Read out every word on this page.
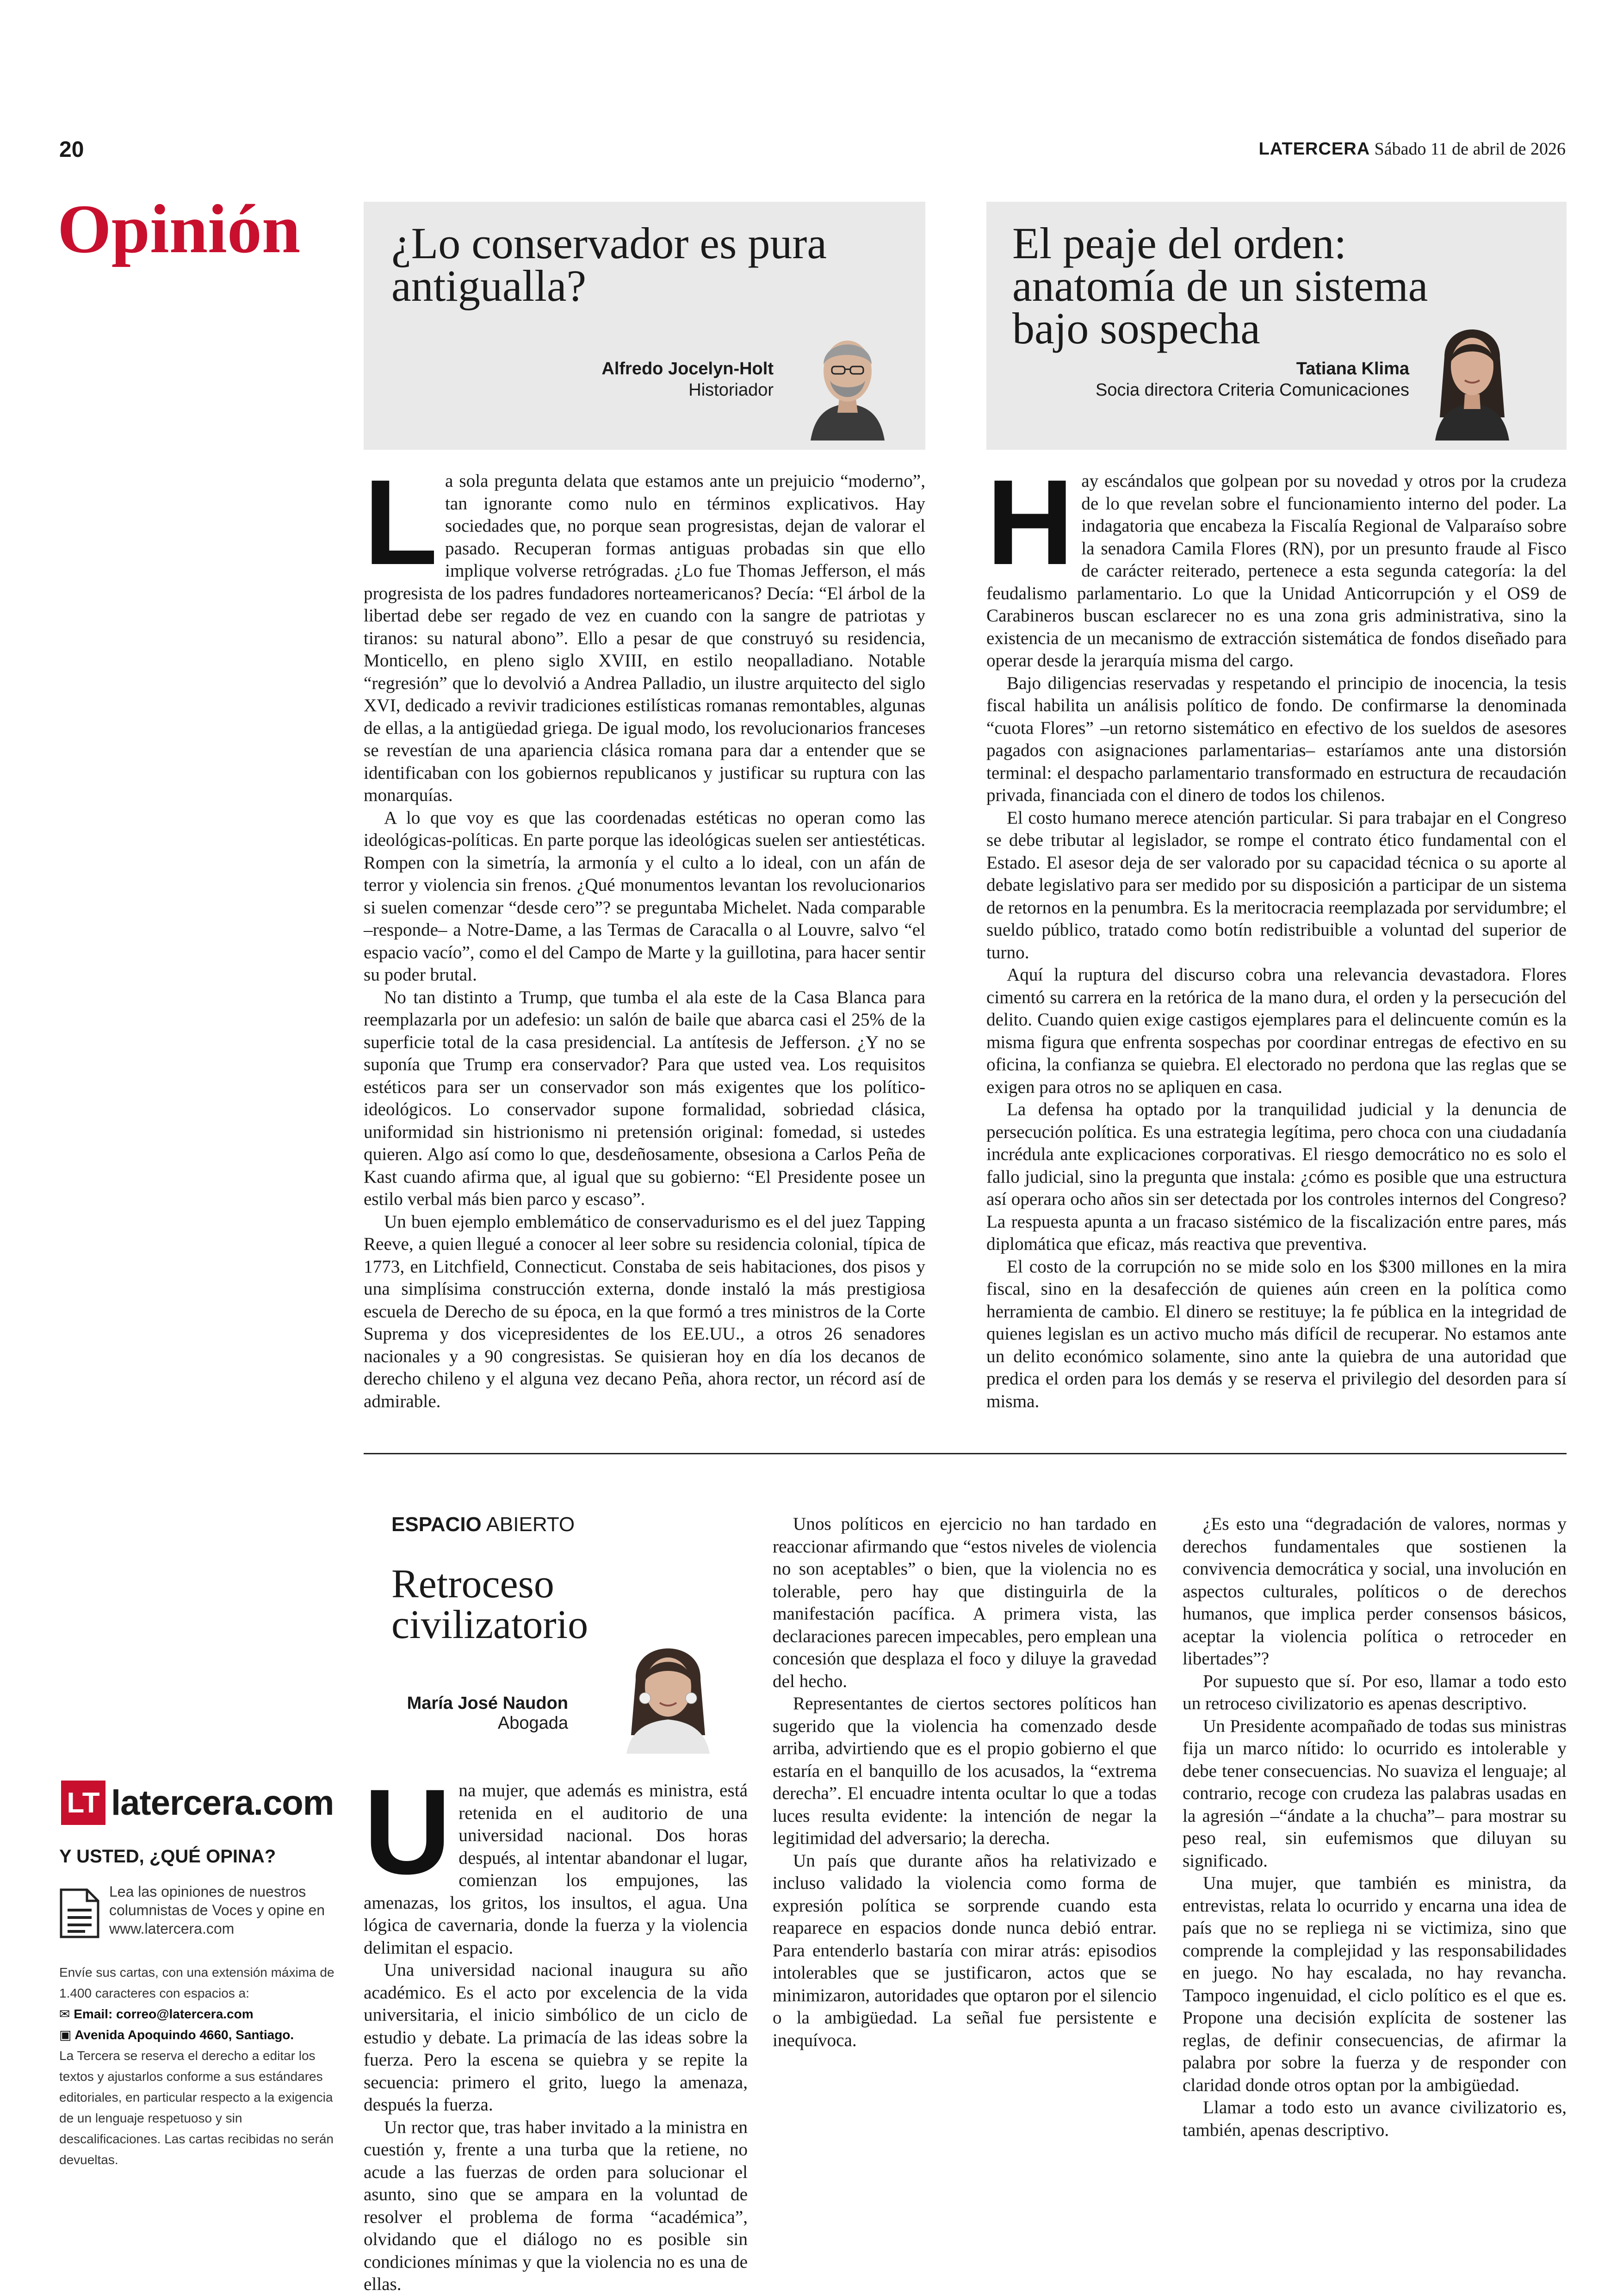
20	LATERCERA Sábado 11 de abril de 2026
Opinión ¿Lo conservador es pura
antigualla?
Alfredo Jocelyn-Holt
Historiador
El peaje del orden:
anatomía de un sistema
bajo sospecha
Tatiana Klima
Socia directora Criteria Comunicaciones
L a sola pregunta delata que estamos ante un prejuicio “moderno”, tan ignorante como nulo en términos explicativos. Hay sociedades que, no porque sean progresistas, dejan de valorar el pasado. Recuperan formas antiguas probadas sin que ello implique volverse retrógradas. ¿Lo fue Thomas Jefferson, el más progresista de los padres fundadores norteamericanos? Decía: “El árbol de la libertad debe ser regado de vez en cuando con la sangre de patriotas y tiranos: su natural abono”. Ello a pesar de que construyó su residencia, Monticello, en pleno siglo XVIII, en estilo neopalladiano. Notable “regresión” que lo devolvió a Andrea Palladio, un ilustre arquitecto del siglo XVI, dedicado a revivir tradiciones estilísticas romanas remontables, algunas de ellas, a la antigüedad griega. De igual modo, los revolucionarios franceses se revestían de una apariencia clásica romana para dar a entender que se identificaban con los gobiernos republicanos y justificar su ruptura con las monarquías.

A lo que voy es que las coordenadas estéticas no operan como las ideológicas-políticas. En parte porque las ideológicas suelen ser antiestéticas. Rompen con la simetría, la armonía y el culto a lo ideal, con un afán de terror y violencia sin frenos. ¿Qué monumentos levantan los revolucionarios si suelen comenzar “desde cero”? se preguntaba Michelet. Nada comparable –responde– a Notre-Dame, a las Termas de Caracalla o al Louvre, salvo “el espacio vacío”, como el del Campo de Marte y la guillotina, para hacer sentir su poder brutal.

No tan distinto a Trump, que tumba el ala este de la Casa Blanca para reemplazarla por un adefesio: un salón de baile que abarca casi el 25% de la superficie total de la casa presidencial. La antítesis de Jefferson. ¿Y no se suponía que Trump era conservador? Para que usted vea. Los requisitos estéticos para ser un conservador son más exigentes que los político-ideológicos. Lo conservador supone formalidad, sobriedad clásica, uniformidad sin histrionismo ni pretensión original: fomedad, si ustedes quieren. Algo así como lo que, desdeñosamente, obsesiona a Carlos Peña de Kast cuando afirma que, al igual que su gobierno: “El Presidente posee un estilo verbal más bien parco y escaso”.

Un buen ejemplo emblemático de conservadurismo es el del juez Tapping Reeve, a quien llegué a conocer al leer sobre su residencia colonial, típica de 1773, en Litchfield, Connecticut. Constaba de seis habitaciones, dos pisos y una simplísima construcción externa, donde instaló la más prestigiosa escuela de Derecho de su época, en la que formó a tres ministros de la Corte Suprema y dos vicepresidentes de los EE.UU., a otros 26 senadores nacionales y a 90 congresistas. Se quisieran hoy en día los decanos de derecho chileno y el alguna vez decano Peña, ahora rector, un récord así de admirable.

H ay escándalos que golpean por su novedad y otros por la crudeza de lo que revelan sobre el funcionamiento interno del poder. La indagatoria que encabeza la Fiscalía Regional de Valparaíso sobre la senadora Camila Flores (RN), por un presunto fraude al Fisco de carácter reiterado, pertenece a esta segunda categoría: la del feudalismo parlamentario. Lo que la Unidad Anticorrupción y el OS9 de Carabineros buscan esclarecer no es una zona gris administrativa, sino la existencia de un mecanismo de extracción sistemática de fondos diseñado para operar desde la jerarquía misma del cargo.

Bajo diligencias reservadas y respetando el principio de inocencia, la tesis fiscal habilita un análisis político de fondo. De confirmarse la denominada “cuota Flores” –un retorno sistemático en efectivo de los sueldos de asesores pagados con asignaciones parlamentarias– estaríamos ante una distorsión terminal: el despacho parlamentario transformado en estructura de recaudación privada, financiada con el dinero de todos los chilenos.

El costo humano merece atención particular. Si para trabajar en el Congreso se debe tributar al legislador, se rompe el contrato ético fundamental con el Estado. El asesor deja de ser valorado por su capacidad técnica o su aporte al debate legislativo para ser medido por su disposición a participar de un sistema de retornos en la penumbra. Es la meritocracia reemplazada por servidumbre; el sueldo público, tratado como botín redistribuible a voluntad del superior de turno.

Aquí la ruptura del discurso cobra una relevancia devastadora. Flores cimentó su carrera en la retórica de la mano dura, el orden y la persecución del delito. Cuando quien exige castigos ejemplares para el delincuente común es la misma figura que enfrenta sospechas por coordinar entregas de efectivo en su oficina, la confianza se quiebra. El electorado no perdona que las reglas que se exigen para otros no se apliquen en casa.

La defensa ha optado por la tranquilidad judicial y la denuncia de persecución política. Es una estrategia legítima, pero choca con una ciudadanía incrédula ante explicaciones corporativas. El riesgo democrático no es solo el fallo judicial, sino la pregunta que instala: ¿cómo es posible que una estructura así operara ocho años sin ser detectada por los controles internos del Congreso? La respuesta apunta a un fracaso sistémico de la fiscalización entre pares, más diplomática que eficaz, más reactiva que preventiva.

El costo de la corrupción no se mide solo en los $300 millones en la mira fiscal, sino en la desafección de quienes aún creen en la política como herramienta de cambio. El dinero se restituye; la fe pública en la integridad de quienes legislan es un activo mucho más difícil de recuperar. No estamos ante un delito económico solamente, sino ante la quiebra de una autoridad que predica el orden para los demás y se reserva el privilegio del desorden para sí misma.

ESPACIO ABIERTO
Retroceso
civilizatorio
María José Naudon
Abogada
U na mujer, que además es ministra, está retenida en el auditorio de una universidad nacional. Dos horas después, al intentar abandonar el lugar, comienzan los empujones, las amenazas, los gritos, los insultos, el agua. Una lógica de cavernaria, donde la fuerza y la violencia delimitan el espacio.

Una universidad nacional inaugura su año académico. Es el acto por excelencia de la vida universitaria, el inicio simbólico de un ciclo de estudio y debate. La primacía de las ideas sobre la fuerza. Pero la escena se quiebra y se repite la secuencia: primero el grito, luego la amenaza, después la fuerza.

Un rector que, tras haber invitado a la ministra en cuestión y, frente a una turba que la retiene, no acude a las fuerzas de orden para solucionar el asunto, sino que se ampara en la voluntad de resolver el problema de forma “académica”, olvidando que el diálogo no es posible sin condiciones mínimas y que la violencia no es una de ellas.

Unos políticos en ejercicio no han tardado en reaccionar afirmando que “estos niveles de violencia no son aceptables” o bien, que la violencia no es tolerable, pero hay que distinguirla de la manifestación pacífica. A primera vista, las declaraciones parecen impecables, pero emplean una concesión que desplaza el foco y diluye la gravedad del hecho.

Representantes de ciertos sectores políticos han sugerido que la violencia ha comenzado desde arriba, advirtiendo que es el propio gobierno el que estaría en el banquillo de los acusados, la “extrema derecha”. El encuadre intenta ocultar lo que a todas luces resulta evidente: la intención de negar la legitimidad del adversario; la derecha.

Un país que durante años ha relativizado e incluso validado la violencia como forma de expresión política se sorprende cuando esta reaparece en espacios donde nunca debió entrar. Para entenderlo bastaría con mirar atrás: episodios intolerables que se justificaron, actos que se minimizaron, autoridades que optaron por el silencio o la ambigüedad. La señal fue persistente e inequívoca.

¿Es esto una “degradación de valores, normas y derechos fundamentales que sostienen la convivencia democrática y social, una involución en aspectos culturales, políticos o de derechos humanos, que implica perder consensos básicos, aceptar la violencia política o retroceder en libertades”?

Por supuesto que sí. Por eso, llamar a todo esto un retroceso civilizatorio es apenas descriptivo.

Un Presidente acompañado de todas sus ministras fija un marco nítido: lo ocurrido es intolerable y debe tener consecuencias. No suaviza el lenguaje; al contrario, recoge con crudeza las palabras usadas en la agresión –“ándate a la chucha”– para mostrar su peso real, sin eufemismos que diluyan su significado.

Una mujer, que también es ministra, da entrevistas, relata lo ocurrido y encarna una idea de país que no se repliega ni se victimiza, sino que comprende la complejidad y las responsabilidades en juego. No hay escalada, no hay revancha. Tampoco ingenuidad, el ciclo político es el que es. Propone una decisión explícita de sostener las reglas, de definir consecuencias, de afirmar la palabra por sobre la fuerza y de responder con claridad donde otros optan por la ambigüedad.

Llamar a todo esto un avance civilizatorio es, también, apenas descriptivo.

LT latercera.com
Y USTED, ¿QUÉ OPINA?
Lea las opiniones de nuestros columnistas de Voces y opine en www.latercera.com
Envíe sus cartas, con una extensión máxima de 1.400 caracteres con espacios a:
✉ Email: correo@latercera.com
▣ Avenida Apoquindo 4660, Santiago.
La Tercera se reserva el derecho a editar los textos y ajustarlos conforme a sus estándares editoriales, en particular respecto a la exigencia de un lenguaje respetuoso y sin descalificaciones. Las cartas recibidas no serán devueltas.
